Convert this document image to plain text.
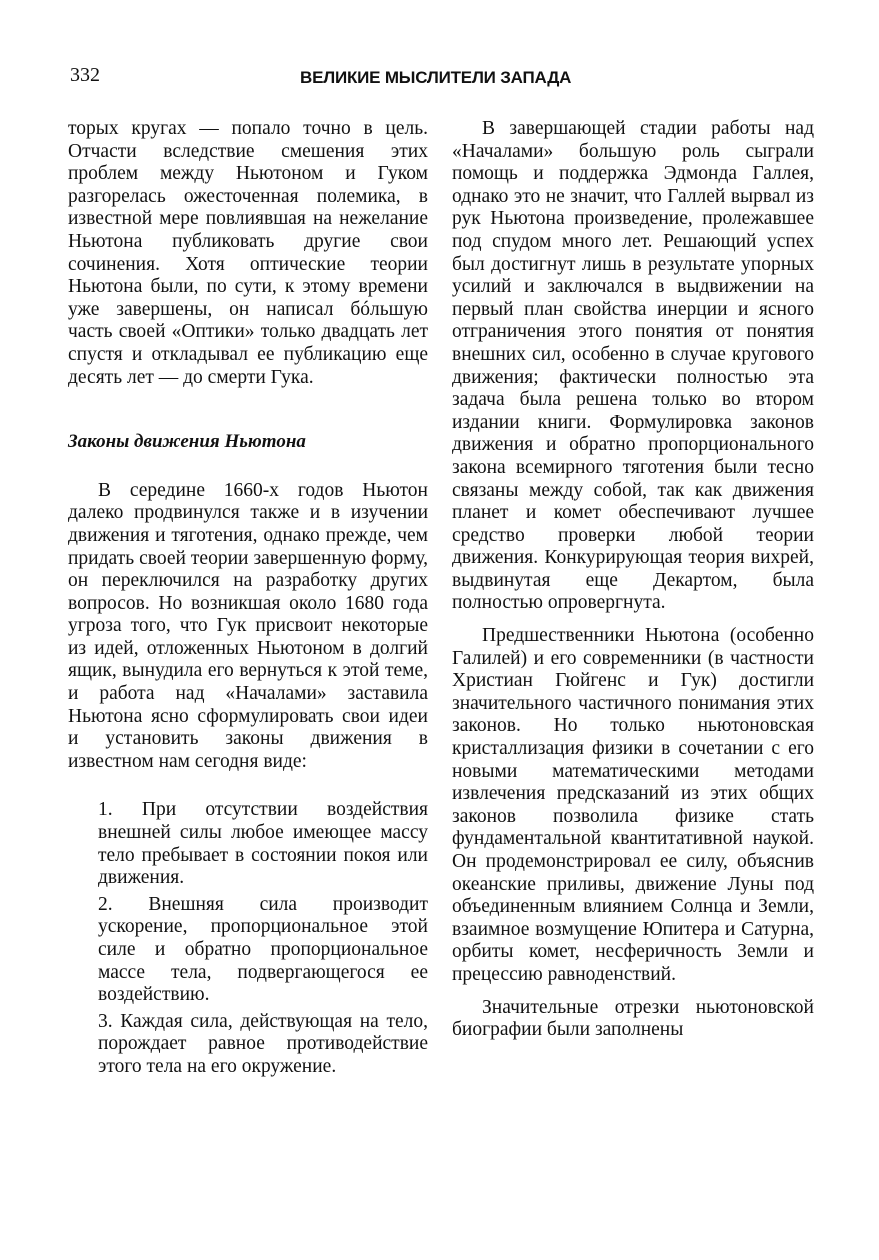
332	ВЕЛИКИЕ МЫСЛИТЕЛИ ЗАПАДА

торых кругах — попало точно в цель. Отчасти вследствие смешения этих проблем между Ньютоном и Гуком разгорелась ожесточенная полемика, в известной мере повлиявшая на нежелание Ньютона публиковать другие свои сочинения. Хотя оптические теории Ньютона были, по сути, к этому времени уже завершены, он написал бóльшую часть своей «Оптики» только двадцать лет спустя и откладывал ее публикацию еще десять лет — до смерти Гука.

Законы движения Ньютона

В середине 1660-х годов Ньютон далеко продвинулся также и в изучении движения и тяготения, однако прежде, чем придать своей теории завершенную форму, он переключился на разработку других вопросов. Но возникшая около 1680 года угроза того, что Гук присвоит некоторые из идей, отложенных Ньютоном в долгий ящик, вынудила его вернуться к этой теме, и работа над «Началами» заставила Ньютона ясно сформулировать свои идеи и установить законы движения в известном нам сегодня виде:

1. При отсутствии воздействия внешней силы любое имеющее массу тело пребывает в состоянии покоя или движения.
2. Внешняя сила производит ускорение, пропорциональное этой силе и обратно пропорциональное массе тела, подвергающегося ее воздействию.
3. Каждая сила, действующая на тело, порождает равное противодействие этого тела на его окружение.

В завершающей стадии работы над «Началами» большую роль сыграли помощь и поддержка Эдмонда Галлея, однако это не значит, что Галлей вырвал из рук Ньютона произведение, пролежавшее под спудом много лет. Решающий успех был достигнут лишь в результате упорных усилий и заключался в выдвижении на первый план свойства инерции и ясного отграничения этого понятия от понятия внешних сил, особенно в случае кругового движения; фактически полностью эта задача была решена только во втором издании книги. Формулировка законов движения и обратно пропорционального закона всемирного тяготения были тесно связаны между собой, так как движения планет и комет обеспечивают лучшее средство проверки любой теории движения. Конкурирующая теория вихрей, выдвинутая еще Декартом, была полностью опровергнута.

Предшественники Ньютона (особенно Галилей) и его современники (в частности Христиан Гюйгенс и Гук) достигли значительного частичного понимания этих законов. Но только ньютоновская кристаллизация физики в сочетании с его новыми математическими методами извлечения предсказаний из этих общих законов позволила физике стать фундаментальной квантитативной наукой. Он продемонстрировал ее силу, объяснив океанские приливы, движение Луны под объединенным влиянием Солнца и Земли, взаимное возмущение Юпитера и Сатурна, орбиты комет, несферичность Земли и прецессию равноденствий.

Значительные отрезки ньютоновской биографии были заполнены
